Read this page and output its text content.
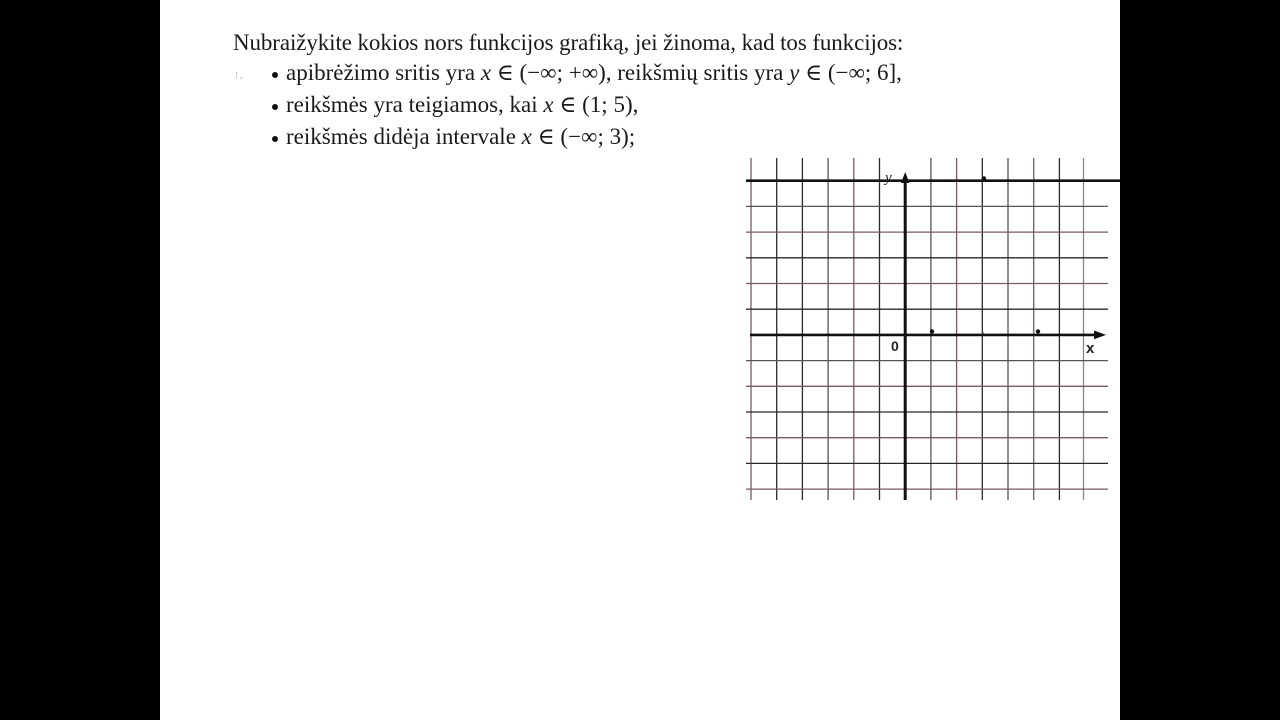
Nubraižykite kokios nors funkcijos grafiką, jei žinoma, kad tos funkcijos:
⁝ ,	apibrėžimo sritis yra x ∈ (−∞; +∞), reikšmių sritis yra y ∈ (−∞; 6],
reikšmės yra teigiamos, kai x ∈ (1; 5),
reikšmės didėja intervale x ∈ (−∞; 3);
y
x
0
